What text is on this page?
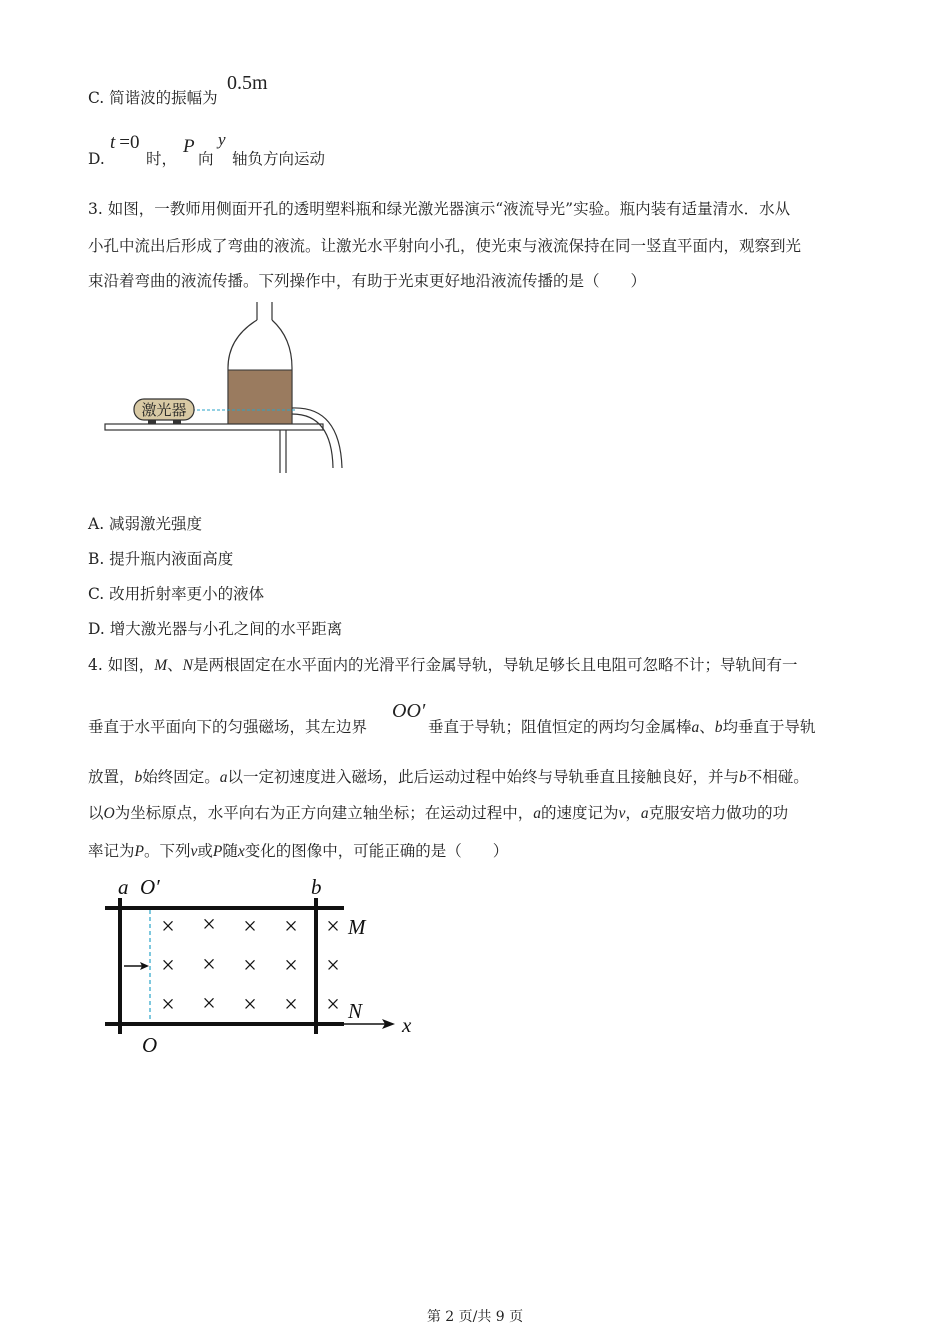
C. 简谐波的振幅为
0.5m
D.
t =0
时，
P
向
y
轴负方向运动
3. 如图，一教师用侧面开孔的透明塑料瓶和绿光激光器演示“液流导光”实验。瓶内装有适量清水．水从
小孔中流出后形成了弯曲的液流。让激光水平射向小孔，使光束与液流保持在同一竖直平面内，观察到光
束沿着弯曲的液流传播。下列操作中，有助于光束更好地沿液流传播的是（　　）
激光器
A. 减弱激光强度
B. 提升瓶内液面高度
C. 改用折射率更小的液体
D. 增大激光器与小孔之间的水平距离
4. 如图，M、N是两根固定在水平面内的光滑平行金属导轨，导轨足够长且电阻可忽略不计；导轨间有一
垂直于水平面向下的匀强磁场，其左边界
OO′
垂直于导轨；阻值恒定的两均匀金属棒a、b均垂直于导轨
放置，b始终固定。a以一定初速度进入磁场，此后运动过程中始终与导轨垂直且接触良好，并与b不相碰。
以O为坐标原点，水平向右为正方向建立轴坐标；在运动过程中，a的速度记为v，a克服安培力做功的功
率记为P。下列v或P随x变化的图像中，可能正确的是（　　）
× × × × ×
× × × × ×
× × × × ×
a O′	b
M
N
x
O
第 2 页/共 9 页
